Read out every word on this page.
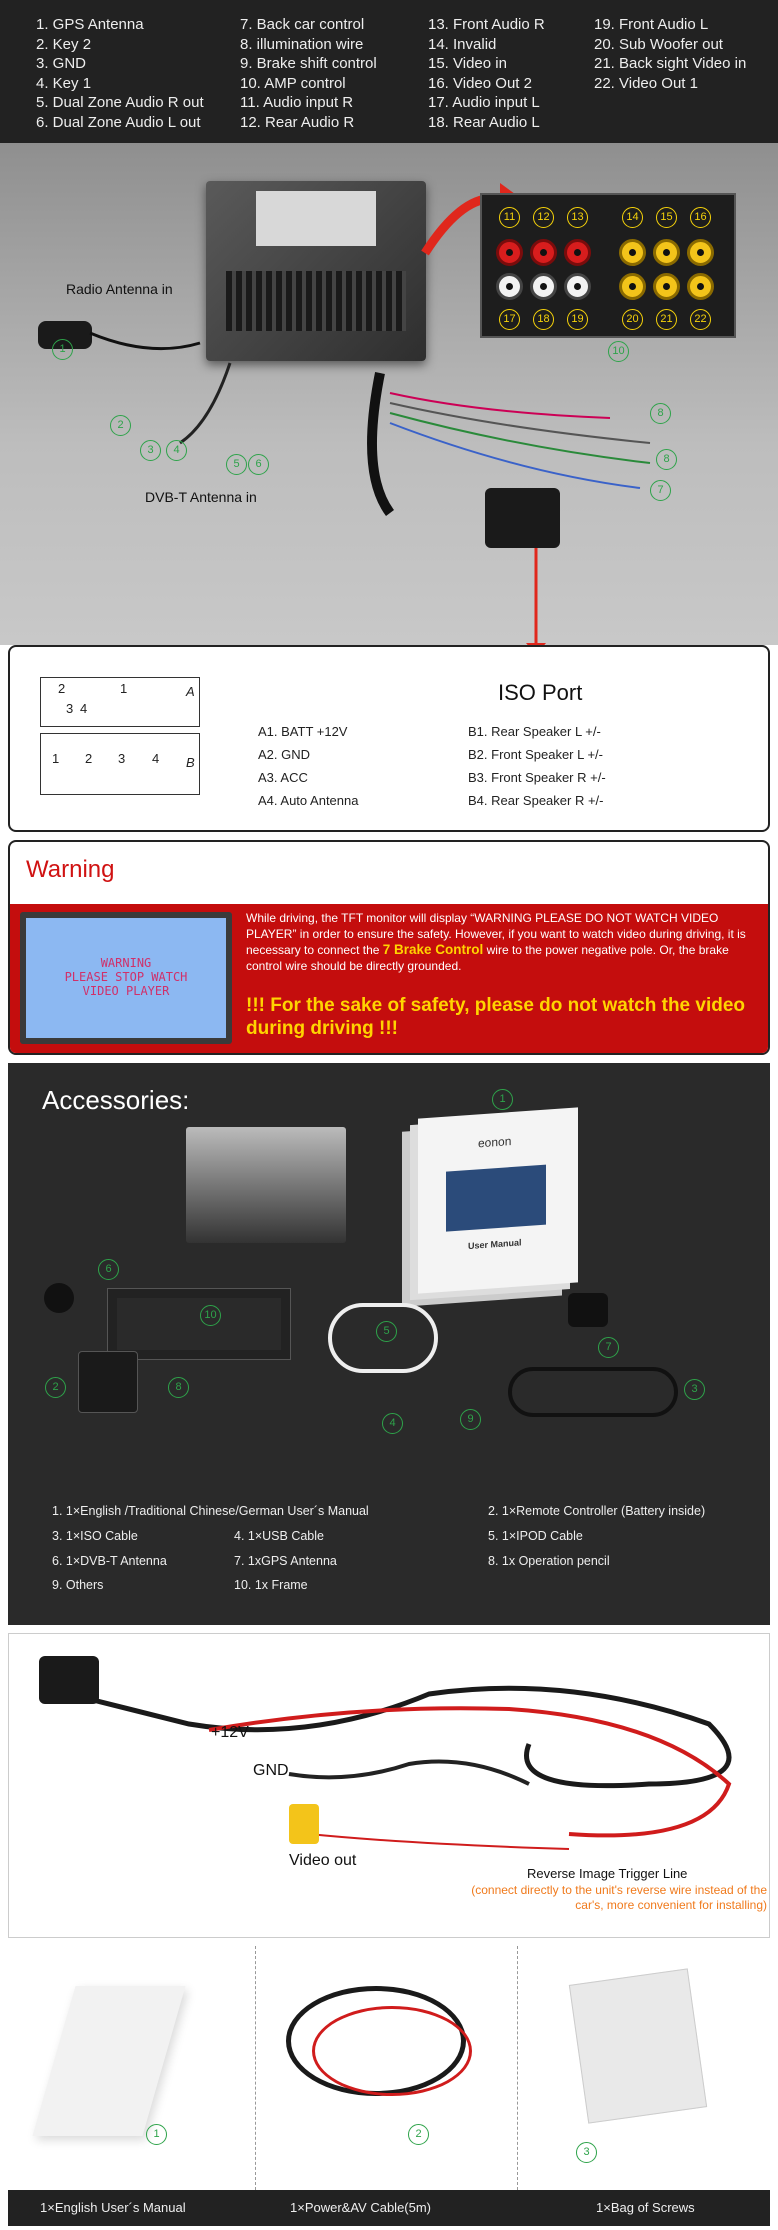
1. GPS Antenna
2. Key 2
3. GND
4. Key 1
5. Dual Zone Audio R out
6. Dual Zone Audio L out
7. Back car control
8. illumination wire
9. Brake shift control
10. AMP control
11. Audio input R
12. Rear Audio R
13. Front Audio R
14. Invalid
15. Video in
16. Video Out 2
17. Audio input L
18. Rear Audio L
19. Front Audio L
20. Sub Woofer out
21. Back sight Video in
22. Video Out 1
Radio Antenna in
DVB-T Antenna in
1
2
3	4
5	6
10
8
8
7
11	12	13	14	15	16
17	18	19	20	21	22
A
B
2	1
3 4
1 2 3 4
ISO Port
A1. BATT +12V
A2. GND
A3. ACC
A4. Auto Antenna
B1. Rear Speaker L +/-
B2. Front Speaker L +/-
B3. Front Speaker R +/-
B4. Rear Speaker R +/-
Warning
WARNING
PLEASE STOP WATCH
VIDEO PLAYER
While driving, the TFT monitor will display “WARNING PLEASE DO NOT WATCH VIDEO PLAYER” in order to ensure the safety. However, if you want to watch video during driving, it is necessary to connect the 7 Brake Control wire to the power negative pole. Or, the brake control wire should be directly grounded.
!!! For the sake of safety, please do not watch the video during driving !!!
Accessories:
eonon
User Manual
1
6
10
5
7
2	8
4	9
3
1. 1×English /Traditional Chinese/German User´s Manual	2. 1×Remote Controller (Battery inside)
3. 1×ISO Cable	4. 1×USB Cable	5. 1×IPOD Cable
6. 1×DVB-T Antenna	7. 1xGPS Antenna	8. 1x Operation pencil
9. Others	10. 1x Frame
+12V
GND
Video out
Reverse Image Trigger Line
(connect directly to the unit's reverse wire instead of the car's, more convenient for installing)
1	2
3
1×English User´s Manual	1×Power&AV Cable(5m)	1×Bag of Screws
